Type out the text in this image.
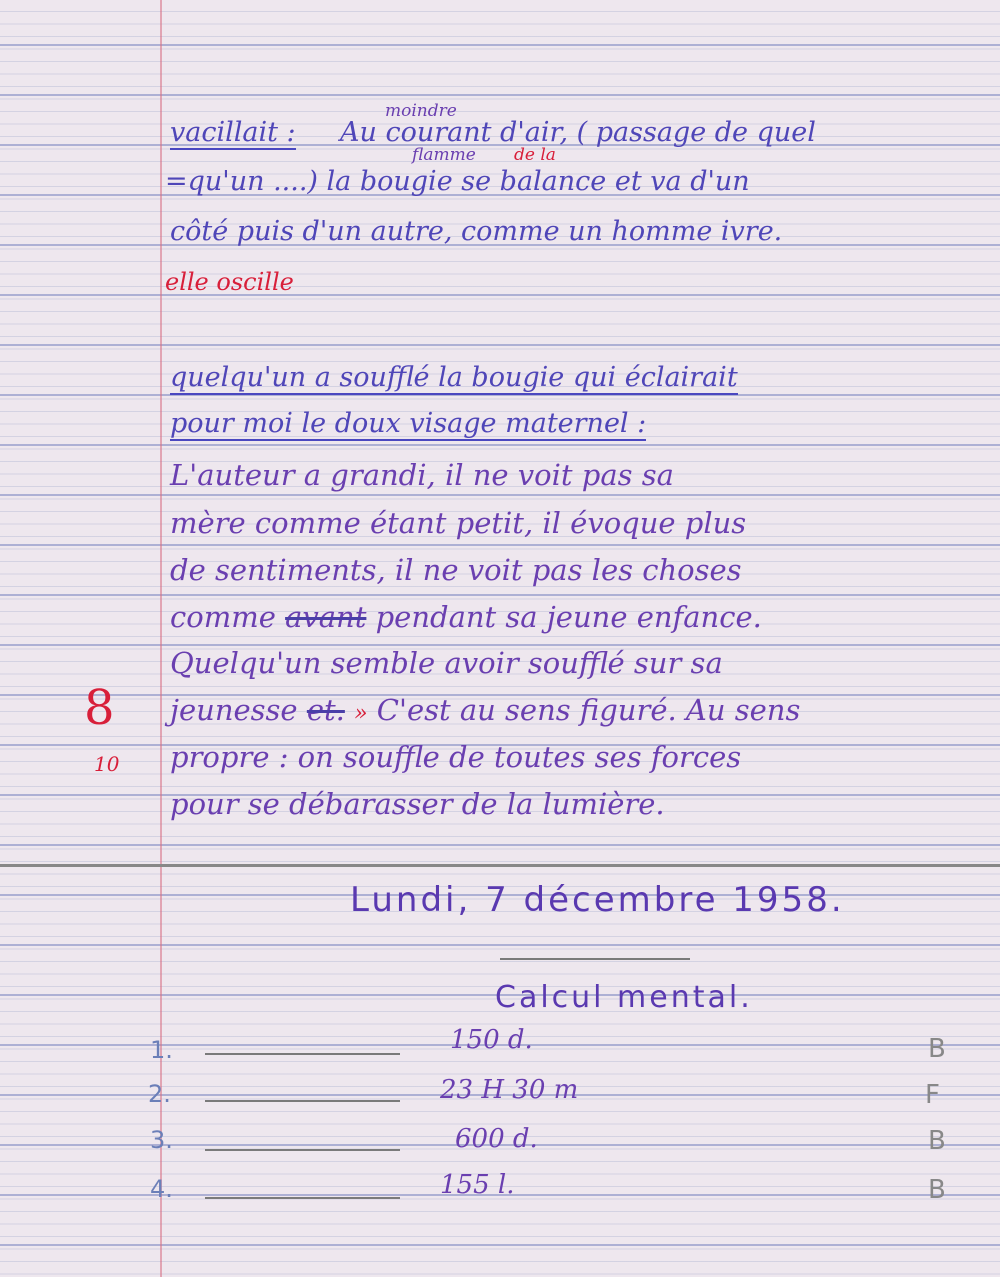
moindre
vacillait : Au courant d'air, ( passage de quel
flamme de la
=qu'un ....) la bougie se balance et va d'un
côté puis d'un autre, comme un homme ivre.
elle oscille
quelqu'un a soufflé la bougie qui éclairait
pour moi le doux visage maternel :
L'auteur a grandi, il ne voit pas sa
mère comme étant petit, il évoque plus
de sentiments, il ne voit pas les choses
comme avant pendant sa jeune enfance.
Quelqu'un semble avoir soufflé sur sa
jeunesse et. » C'est au sens figuré. Au sens
propre : on souffle de toutes ses forces
pour se débarasser de la lumière.
8
10
Lundi, 7 décembre 1958.
Calcul mental.
1.	150 d.	B
2.	23 H 30 m	F
3.	600 d.	B
4.	155 l.	B
